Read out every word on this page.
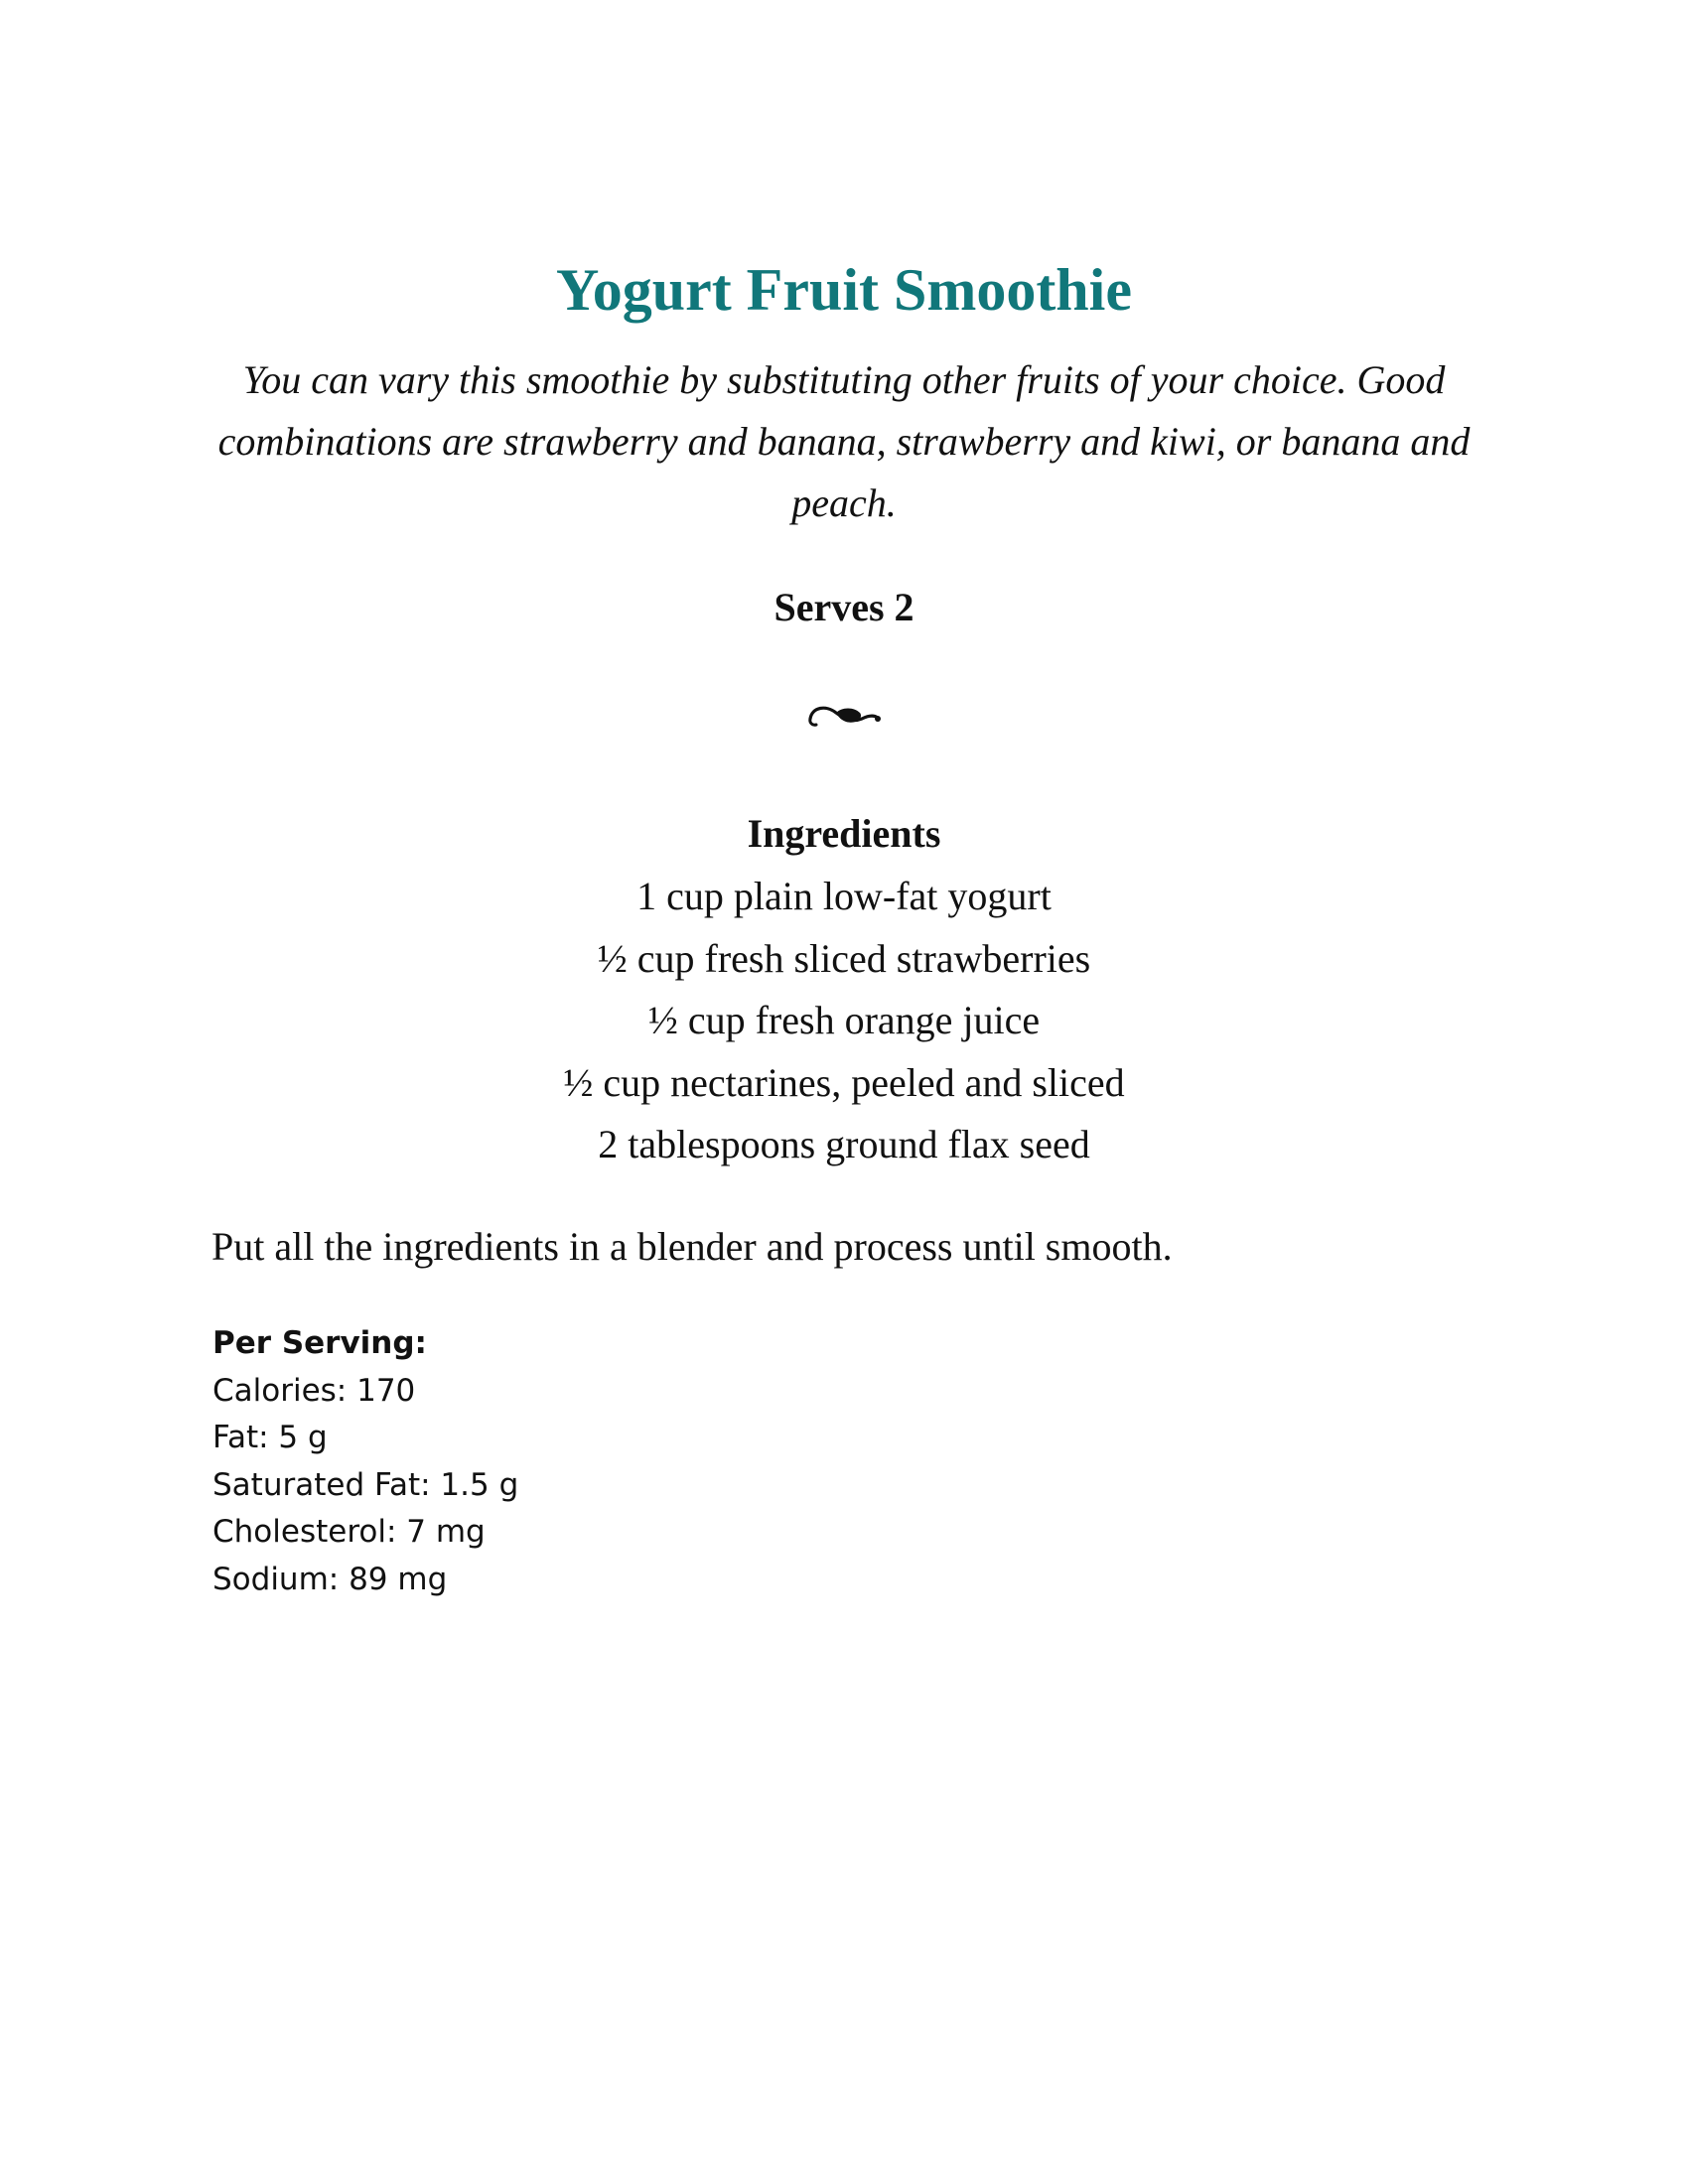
Yogurt Fruit Smoothie

You can vary this smoothie by substituting other fruits of your choice. Good combinations are strawberry and banana, strawberry and kiwi, or banana and peach.

Serves 2

Ingredients
1 cup plain low-fat yogurt
½ cup fresh sliced strawberries
½ cup fresh orange juice
½ cup nectarines, peeled and sliced
2 tablespoons ground flax seed

Put all the ingredients in a blender and process until smooth.

Per Serving:

Calories: 170
Fat: 5 g
Saturated Fat: 1.5 g
Cholesterol: 7 mg
Sodium: 89 mg
